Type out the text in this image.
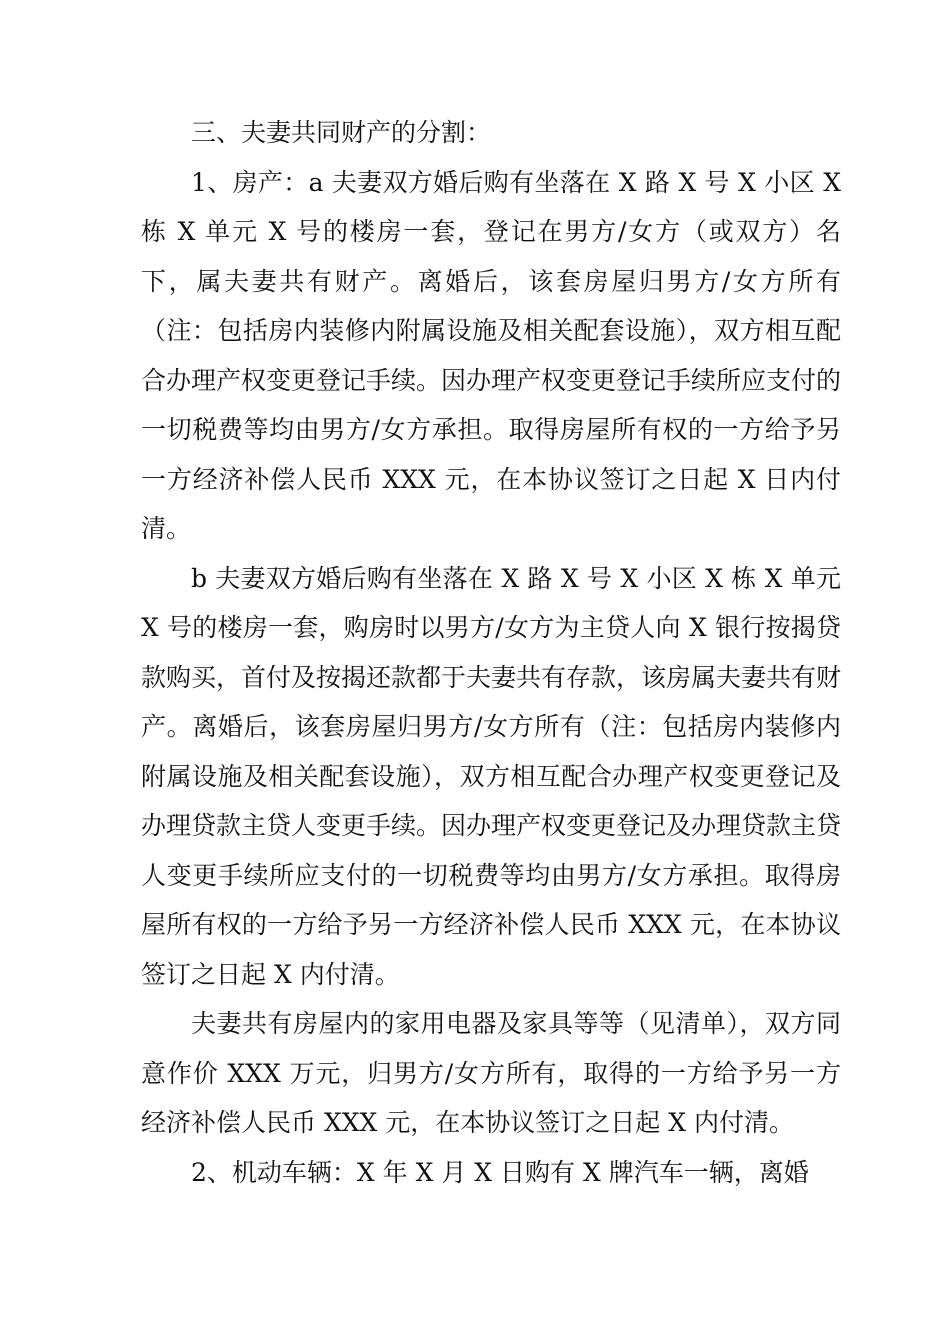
三、夫妻共同财产的分割：

1、房产：a 夫妻双方婚后购有坐落在 X 路 X 号 X 小区 X 栋 X 单元 X 号的楼房一套，登记在男方/女方（或双方）名下，属夫妻共有财产。离婚后，该套房屋归男方/女方所有（注：包括房内装修内附属设施及相关配套设施），双方相互配合办理产权变更登记手续。因办理产权变更登记手续所应支付的一切税费等均由男方/女方承担。取得房屋所有权的一方给予另一方经济补偿人民币 XXX 元，在本协议签订之日起 X 日内付清。

b 夫妻双方婚后购有坐落在 X 路 X 号 X 小区 X 栋 X 单元 X 号的楼房一套，购房时以男方/女方为主贷人向 X 银行按揭贷款购买，首付及按揭还款都于夫妻共有存款，该房属夫妻共有财产。离婚后，该套房屋归男方/女方所有（注：包括房内装修内附属设施及相关配套设施），双方相互配合办理产权变更登记及办理贷款主贷人变更手续。因办理产权变更登记及办理贷款主贷人变更手续所应支付的一切税费等均由男方/女方承担。取得房屋所有权的一方给予另一方经济补偿人民币 XXX 元，在本协议签订之日起 X 内付清。

夫妻共有房屋内的家用电器及家具等等（见清单），双方同意作价 XXX 万元，归男方/女方所有，取得的一方给予另一方经济补偿人民币 XXX 元，在本协议签订之日起 X 内付清。

2、机动车辆：X 年 X 月 X 日购有 X 牌汽车一辆，离婚
